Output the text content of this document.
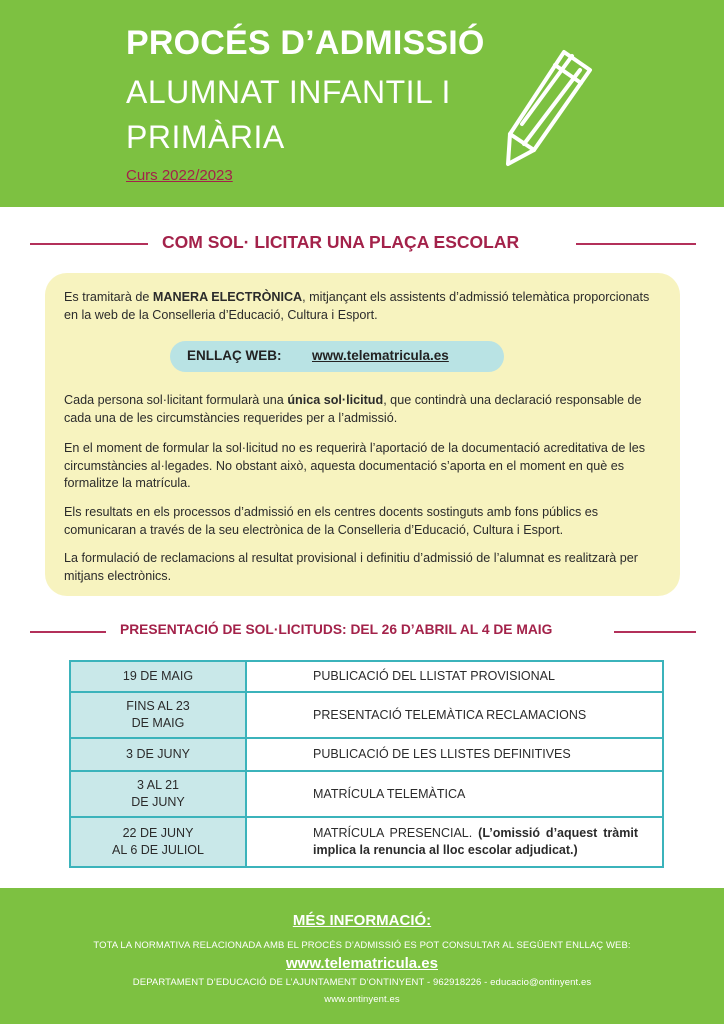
PROCÉS D’ADMISSIÓ
ALUMNAT INFANTIL I
PRIMÀRIA
Curs 2022/2023
COM SOL· LICITAR UNA PLAÇA ESCOLAR
Es tramitarà de MANERA ELECTRÒNICA, mitjançant els assistents d’admissió telemàtica proporcionats en la web de la Conselleria d’Educació, Cultura i Esport.
ENLLAÇ WEB: www.telematricula.es
Cada persona sol·licitant formularà una única sol·licitud, que contindrà una declaració responsable de cada una de les circumstàncies requerides per a l’admissió.
En el moment de formular la sol·licitud no es requerirà l’aportació de la documentació acreditativa de les circumstàncies al·legades. No obstant això, aquesta documentació s’aporta en el moment en què es formalitze la matrícula.
Els resultats en els processos d’admissió en els centres docents sostinguts amb fons públics es comunicaran a través de la seu electrònica de la Conselleria d’Educació, Cultura i Esport.
La formulació de reclamacions al resultat provisional i definitiu d’admissió de l’alumnat es realitzarà per mitjans electrònics.
PRESENTACIÓ DE SOL·LICITUDS: DEL 26 D’ABRIL AL 4 DE MAIG
19 DE MAIG	PUBLICACIÓ DEL LLISTAT PROVISIONAL
FINS AL 23
DE MAIG	PRESENTACIÓ TELEMÀTICA RECLAMACIONS
3 DE JUNY	PUBLICACIÓ DE LES LLISTES DEFINITIVES
3 AL 21
DE JUNY	MATRÍCULA TELEMÀTICA
22 DE JUNY
AL 6 DE JULIOL	MATRÍCULA PRESENCIAL. (L’omissió d’aquest tràmit implica la renuncia al lloc escolar adjudicat.)
MÉS INFORMACIÓ:
TOTA LA NORMATIVA RELACIONADA AMB EL PROCÉS D’ADMISSIÓ ES POT CONSULTAR AL SEGÜENT ENLLAÇ WEB:
www.telematricula.es
DEPARTAMENT D’EDUCACIÓ DE L’AJUNTAMENT D’ONTINYENT - 962918226 - educacio@ontinyent.es
www.ontinyent.es
